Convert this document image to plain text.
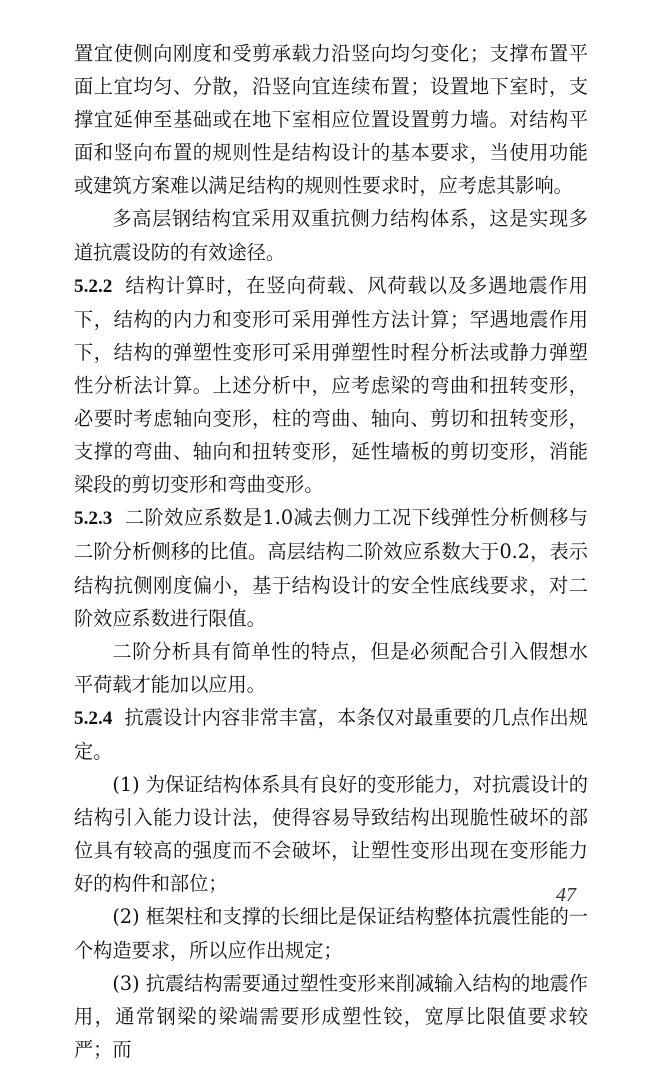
置宜使侧向刚度和受剪承载力沿竖向均匀变化；支撑布置平面上宜均匀、分散，沿竖向宜连续布置；设置地下室时，支撑宜延伸至基础或在地下室相应位置设置剪力墙。对结构平面和竖向布置的规则性是结构设计的基本要求，当使用功能或建筑方案难以满足结构的规则性要求时，应考虑其影响。

多高层钢结构宜采用双重抗侧力结构体系，这是实现多道抗震设防的有效途径。

5.2.2 结构计算时，在竖向荷载、风荷载以及多遇地震作用下，结构的内力和变形可采用弹性方法计算；罕遇地震作用下，结构的弹塑性变形可采用弹塑性时程分析法或静力弹塑性分析法计算。上述分析中，应考虑梁的弯曲和扭转变形，必要时考虑轴向变形，柱的弯曲、轴向、剪切和扭转变形，支撑的弯曲、轴向和扭转变形，延性墙板的剪切变形，消能梁段的剪切变形和弯曲变形。

5.2.3 二阶效应系数是1.0减去侧力工况下线弹性分析侧移与二阶分析侧移的比值。高层结构二阶效应系数大于0.2，表示结构抗侧刚度偏小，基于结构设计的安全性底线要求，对二阶效应系数进行限值。

二阶分析具有简单性的特点，但是必须配合引入假想水平荷载才能加以应用。

5.2.4 抗震设计内容非常丰富，本条仅对最重要的几点作出规定。

(1) 为保证结构体系具有良好的变形能力，对抗震设计的结构引入能力设计法，使得容易导致结构出现脆性破坏的部位具有较高的强度而不会破坏，让塑性变形出现在变形能力好的构件和部位；

(2) 框架柱和支撑的长细比是保证结构整体抗震性能的一个构造要求，所以应作出规定；

(3) 抗震结构需要通过塑性变形来削减输入结构的地震作用，通常钢梁的梁端需要形成塑性铰，宽厚比限值要求较严；而

47
